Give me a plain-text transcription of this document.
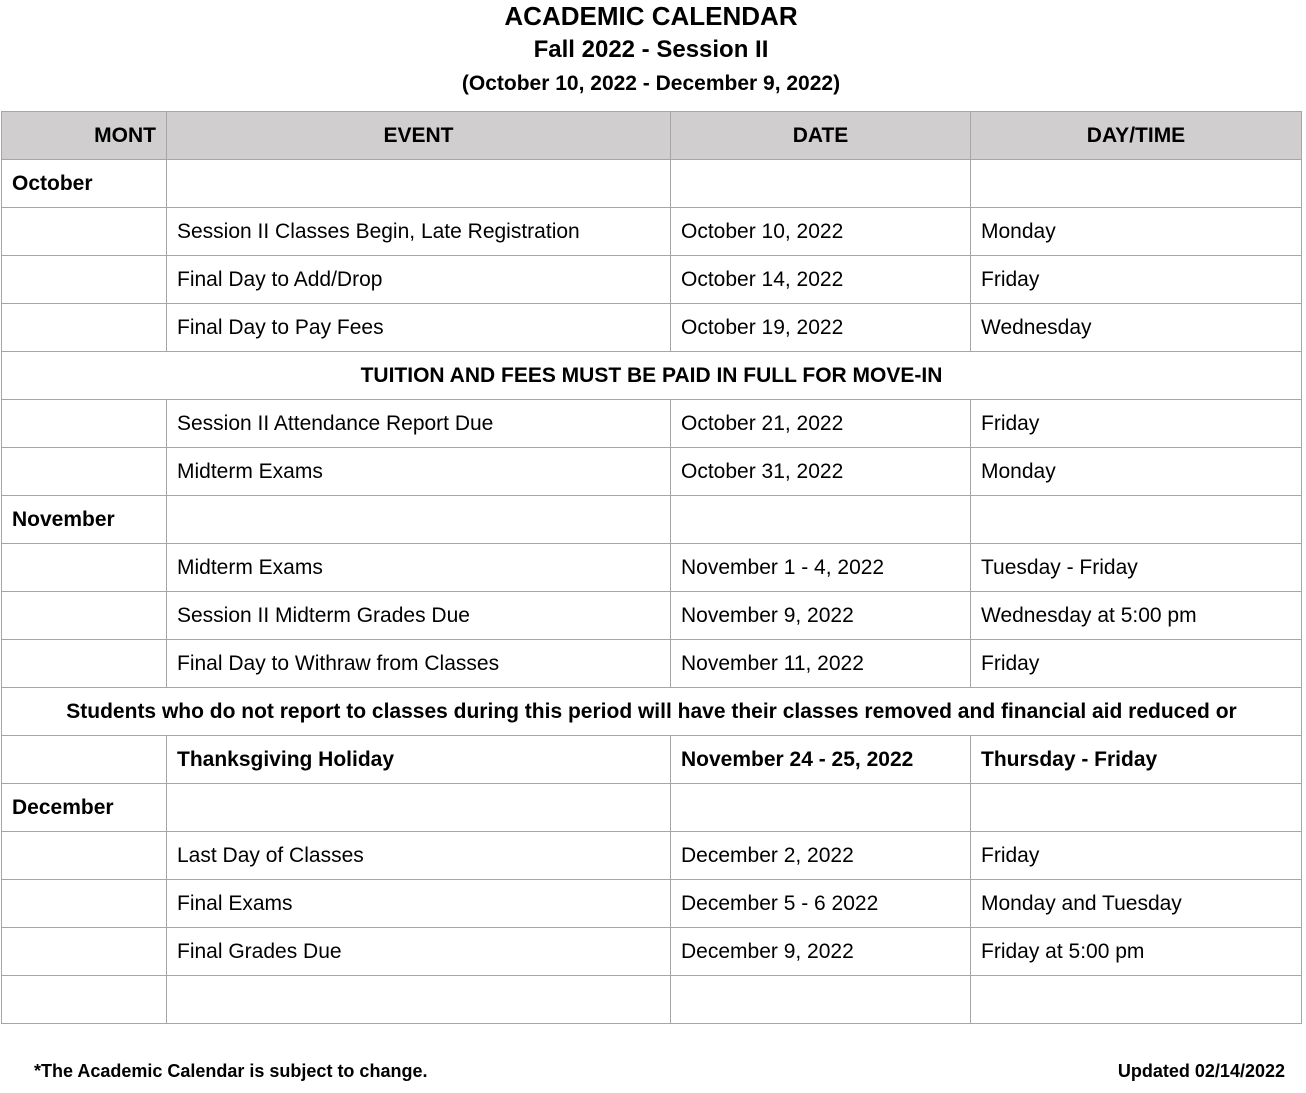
ACADEMIC CALENDAR
Fall 2022 - Session II
(October 10, 2022 - December 9, 2022)
MONT	EVENT	DATE	DAY/TIME
October			
	Session II Classes Begin, Late Registration	October 10, 2022	Monday
	Final Day to Add/Drop	October 14, 2022	Friday
	Final Day to Pay Fees	October 19, 2022	Wednesday

TUITION AND FEES MUST BE PAID IN FULL FOR MOVE-IN			

	Session II Attendance Report Due	October 21, 2022	Friday
	Midterm Exams	October 31, 2022	Monday
November			
	Midterm Exams	November 1 - 4, 2022	Tuesday - Friday
	Session II Midterm Grades Due	November 9, 2022	Wednesday at 5:00 pm
	Final Day to Withraw from Classes	November 11, 2022	Friday

Students who do not report to classes during this period will have their classes removed and financial aid reduced or			

	Thanksgiving Holiday	November 24 - 25, 2022	Thursday - Friday
December			
	Last Day of Classes	December 2, 2022	Friday
	Final Exams	December 5 - 6 2022	Monday and Tuesday
	Final Grades Due	December 9, 2022	Friday at 5:00 pm

*The Academic Calendar is subject to change.	Updated 02/14/2022
